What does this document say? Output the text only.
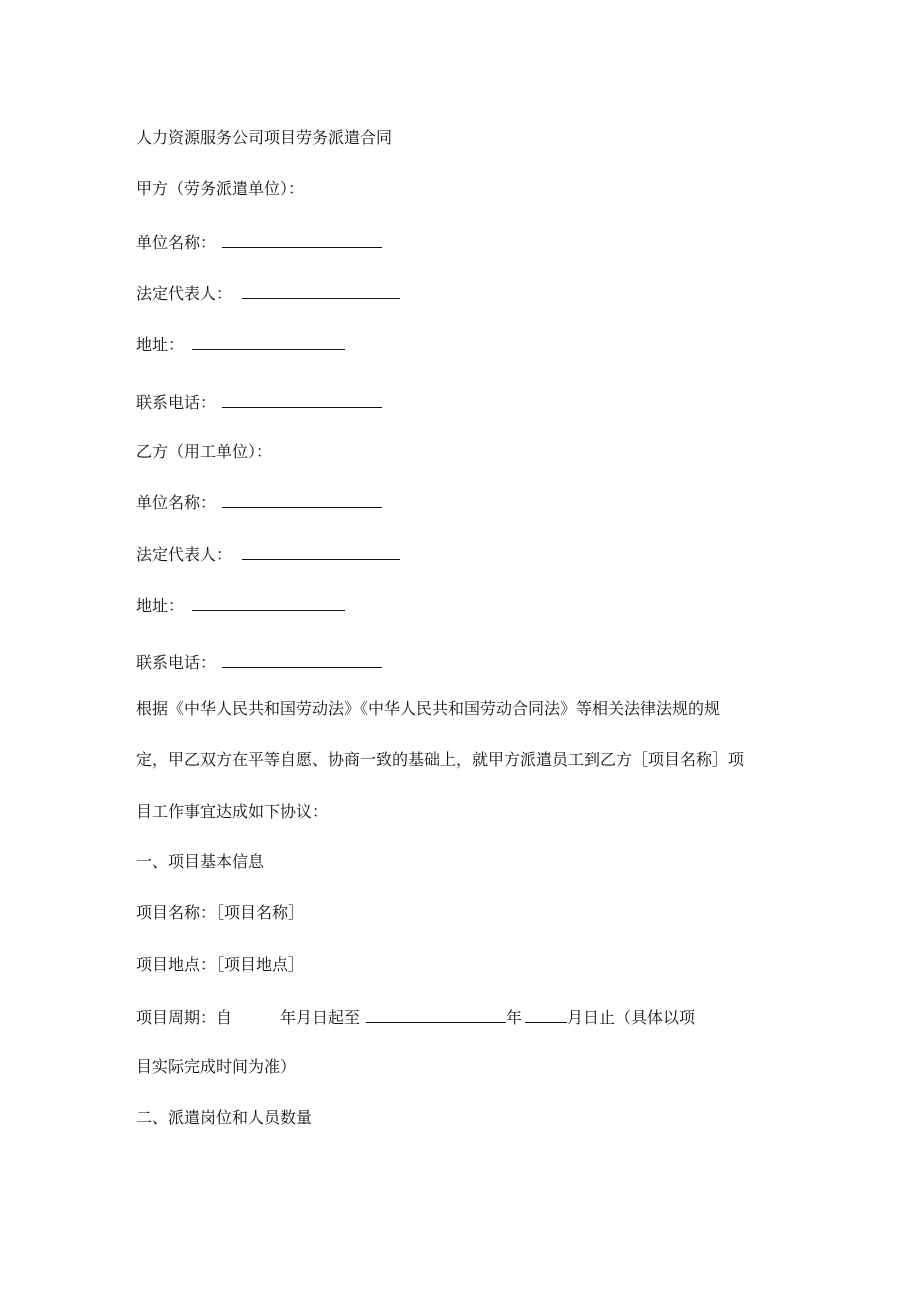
人力资源服务公司项目劳务派遣合同
甲方（劳务派遣单位）：
单位名称：
法定代表人：
地址：
联系电话：
乙方（用工单位）：
单位名称：
法定代表人：
地址：
联系电话：
根据《中华人民共和国劳动法》《中华人民共和国劳动合同法》等相关法律法规的规
定，甲乙双方在平等自愿、协商一致的基础上，就甲方派遣员工到乙方［项目名称］项
目工作事宜达成如下协议：
一、项目基本信息
项目名称：［项目名称］
项目地点：［项目地点］
项目周期：自	年月日起至	年	月日止（具体以项
目实际完成时间为准）
二、派遣岗位和人员数量
